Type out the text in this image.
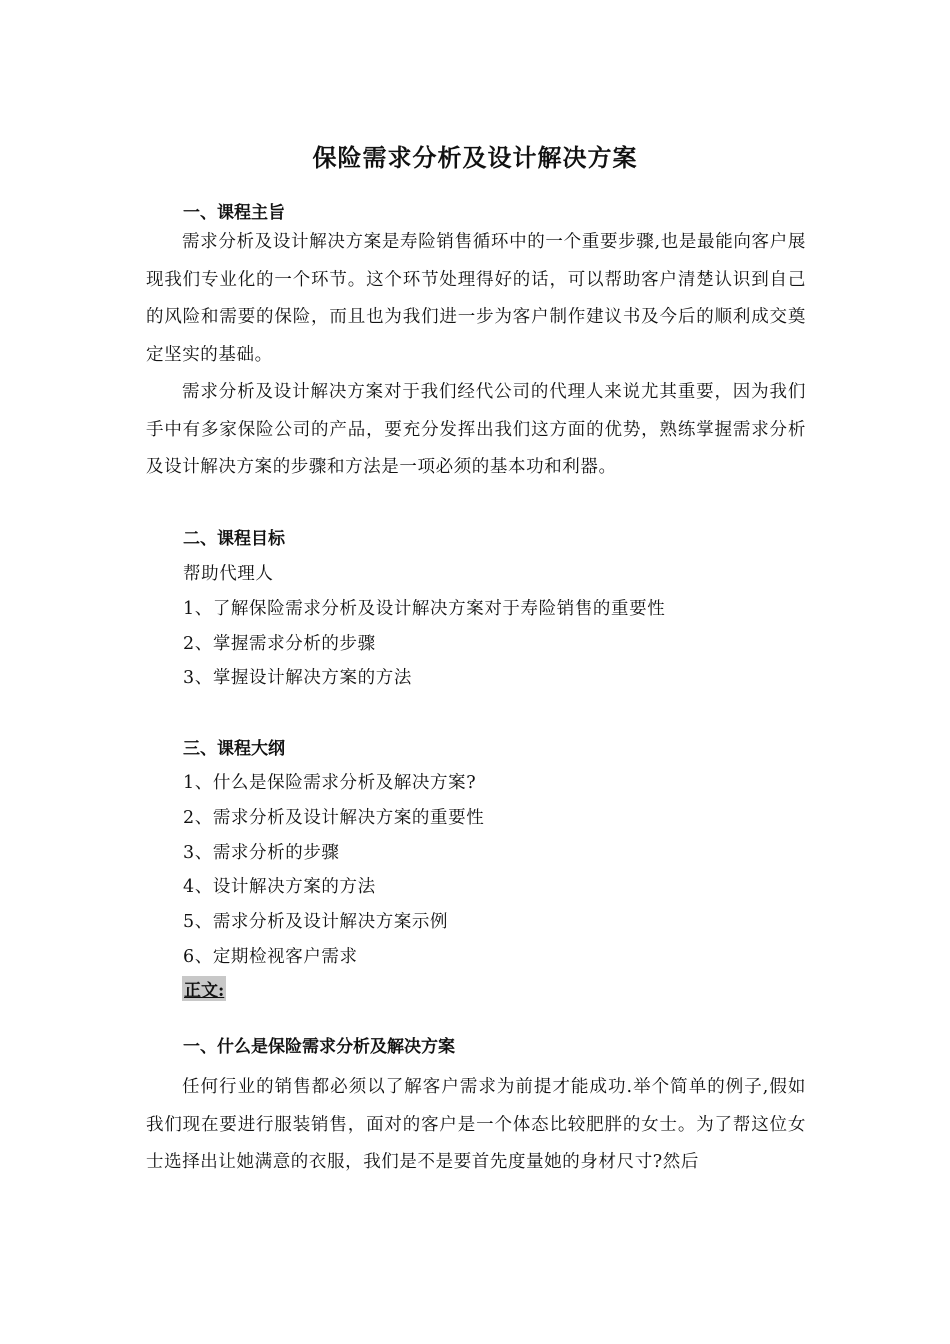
保险需求分析及设计解决方案
一、课程主旨
需求分析及设计解决方案是寿险销售循环中的一个重要步骤,也是最能向客户展现我们专业化的一个环节。这个环节处理得好的话，可以帮助客户清楚认识到自己的风险和需要的保险，而且也为我们进一步为客户制作建议书及今后的顺利成交奠定坚实的基础。
需求分析及设计解决方案对于我们经代公司的代理人来说尤其重要，因为我们手中有多家保险公司的产品，要充分发挥出我们这方面的优势，熟练掌握需求分析及设计解决方案的步骤和方法是一项必须的基本功和利器。
二、课程目标
帮助代理人
1、了解保险需求分析及设计解决方案对于寿险销售的重要性
2、掌握需求分析的步骤
3、掌握设计解决方案的方法
三、课程大纲
1、什么是保险需求分析及解决方案?
2、需求分析及设计解决方案的重要性
3、需求分析的步骤
4、设计解决方案的方法
5、需求分析及设计解决方案示例
6、定期检视客户需求
正文:
一、什么是保险需求分析及解决方案
任何行业的销售都必须以了解客户需求为前提才能成功.举个简单的例子,假如我们现在要进行服装销售，面对的客户是一个体态比较肥胖的女士。为了帮这位女士选择出让她满意的衣服，我们是不是要首先度量她的身材尺寸?然后
